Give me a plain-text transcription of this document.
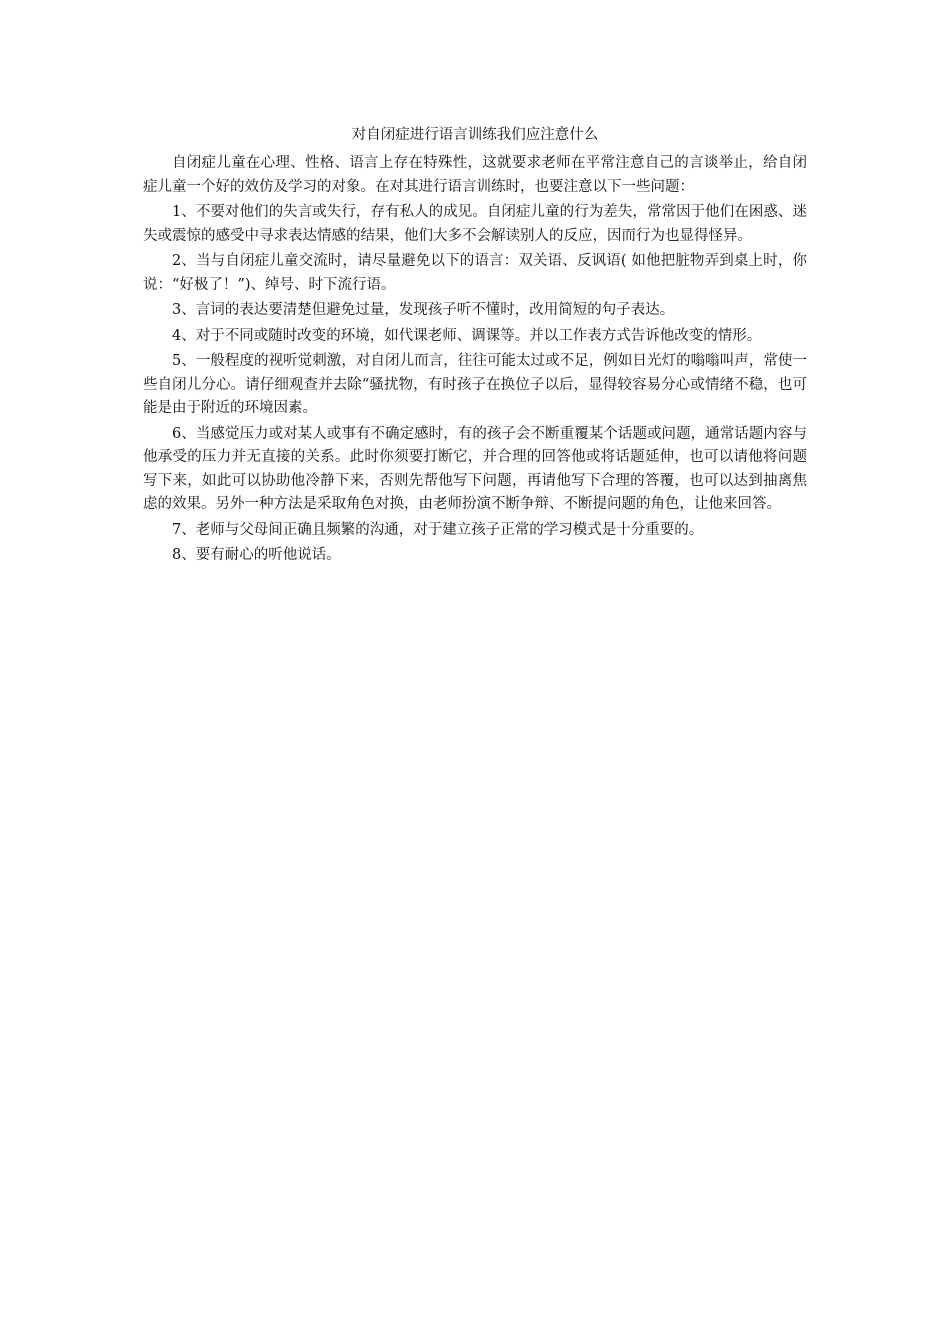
对自闭症进行语言训练我们应注意什么

自闭症儿童在心理、性格、语言上存在特殊性，这就要求老师在平常注意自己的言谈举止，给自闭症儿童一个好的效仿及学习的对象。在对其进行语言训练时，也要注意以下一些问题：

1、不要对他们的失言或失行，存有私人的成见。自闭症儿童的行为差失，常常因于他们在困惑、迷失或震惊的感受中寻求表达情感的结果，他们大多不会解读别人的反应，因而行为也显得怪异。

2、当与自闭症儿童交流时，请尽量避免以下的语言：双关语、反讽语( 如他把脏物弄到桌上时，你说：“好极了！”)、绰号、时下流行语。

3、言词的表达要清楚但避免过量，发现孩子听不懂时，改用简短的句子表达。

4、对于不同或随时改变的环境，如代课老师、调课等。并以工作表方式告诉他改变的情形。

5、一般程度的视听觉刺激，对自闭儿而言，往往可能太过或不足，例如日光灯的嗡嗡叫声，常使一些自闭儿分心。请仔细观查并去除“骚扰物，有时孩子在换位子以后，显得较容易分心或情绪不稳，也可能是由于附近的环境因素。

6、当感觉压力或对某人或事有不确定感时，有的孩子会不断重覆某个话题或问题，通常话题内容与他承受的压力并无直接的关系。此时你须要打断它，并合理的回答他或将话题延伸，也可以请他将问题写下来，如此可以协助他冷静下来，否则先帮他写下问题，再请他写下合理的答覆，也可以达到抽离焦虑的效果。另外一种方法是采取角色对换，由老师扮演不断争辩、不断提问题的角色，让他来回答。

7、老师与父母间正确且频繁的沟通，对于建立孩子正常的学习模式是十分重要的。

8、要有耐心的听他说话。
